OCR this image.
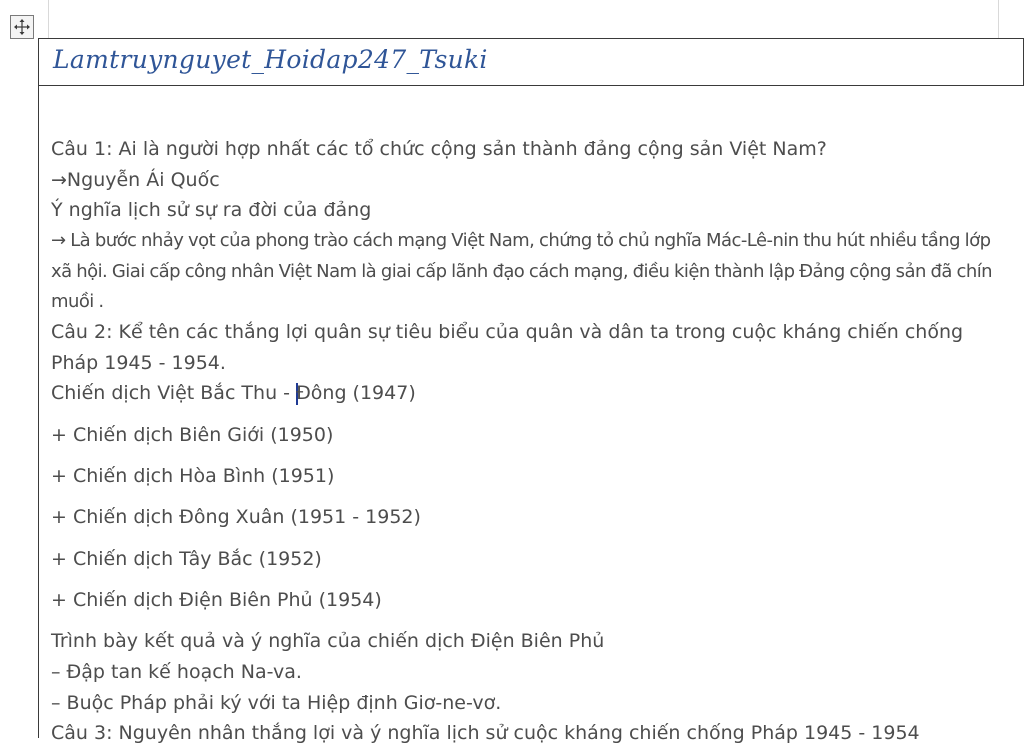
Lamtruynguyet_Hoidap247_Tsuki
Câu 1: Ai là người hợp nhất các tổ chức cộng sản thành đảng cộng sản Việt Nam?
→Nguyễn Ái Quốc
Ý nghĩa lịch sử sự ra đời của đảng
→ Là bước nhảy vọt của phong trào cách mạng Việt Nam, chứng tỏ chủ nghĩa Mác-Lê-nin thu hút nhiều tầng lớp
xã hội. Giai cấp công nhân Việt Nam là giai cấp lãnh đạo cách mạng, điều kiện thành lập Đảng cộng sản đã chín
muồi .
Câu 2: Kể tên các thắng lợi quân sự tiêu biểu của quân và dân ta trong cuộc kháng chiến chống
Pháp 1945 - 1954.
Chiến dịch Việt Bắc Thu - Đông (1947)
+ Chiến dịch Biên Giới (1950)
+ Chiến dịch Hòa Bình (1951)
+ Chiến dịch Đông Xuân (1951 - 1952)
+ Chiến dịch Tây Bắc (1952)
+ Chiến dịch Điện Biên Phủ (1954)
Trình bày kết quả và ý nghĩa của chiến dịch Điện Biên Phủ
– Đập tan kế hoạch Na-va.
– Buộc Pháp phải ký với ta Hiệp định Giơ-ne-vơ.
Câu 3: Nguyên nhân thắng lợi và ý nghĩa lịch sử cuộc kháng chiến chống Pháp 1945 - 1954
